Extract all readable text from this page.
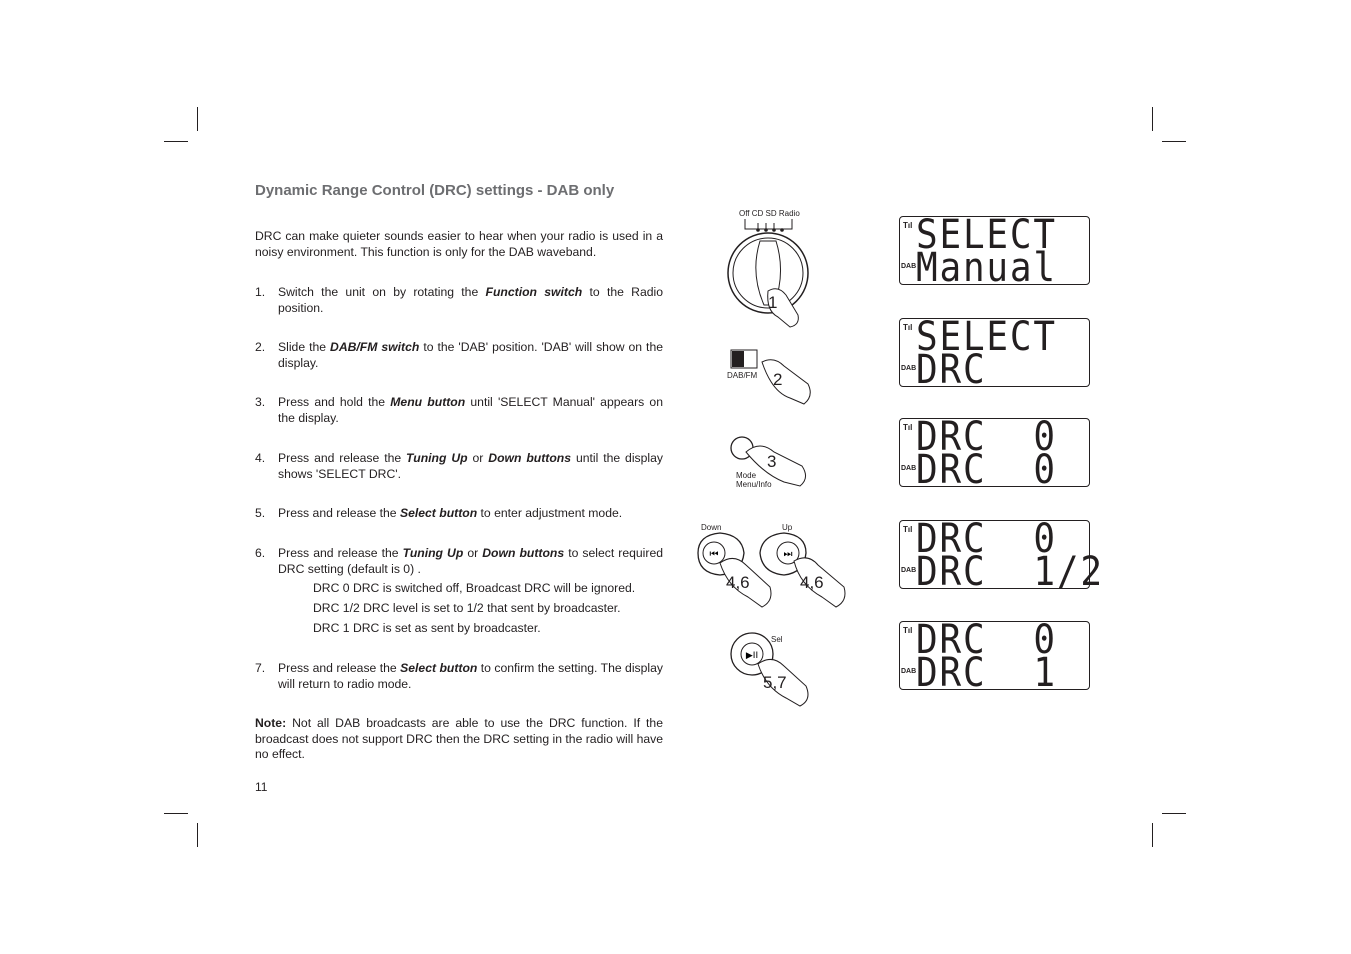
Dynamic Range Control (DRC) settings - DAB only

DRC can make quieter sounds easier to hear when your radio is used in a noisy environment. This function is only for the DAB waveband.

1. Switch the unit on by rotating the Function switch to the Radio position.
2. Slide the DAB/FM switch to the 'DAB' position. 'DAB' will show on the display.
3. Press and hold the Menu button until 'SELECT Manual' appears on the display.
4. Press and release the Tuning Up or Down buttons until the display shows 'SELECT DRC'.
5. Press and release the Select button to enter adjustment mode.
6. Press and release the Tuning Up or Down buttons to select required DRC setting (default is 0) .
DRC 0 DRC is switched off, Broadcast DRC will be ignored.
DRC 1/2 DRC level is set to 1/2 that sent by broadcaster.
DRC 1 DRC is set as sent by broadcaster.
7. Press and release the Select button to confirm the setting. The display will return to radio mode.

Note: Not all DAB broadcasts are able to use the DRC function. If the broadcast does not support DRC then the DRC setting in the radio will have no effect.

11
Off CD SD Radio
1
DAB/FM 2
Mode
Menu/Info
3
Down	Up
⏮	⏭
4,6	4,6
Sel
▶II
5,7
Tıl
DAB
SELECT
Manual
Tıl
DAB
SELECT
DRC
Tıl
DAB
DRC  0
DRC  0
Tıl
DAB
DRC  0
DRC  1/2
Tıl
DAB
DRC  0
DRC  1
